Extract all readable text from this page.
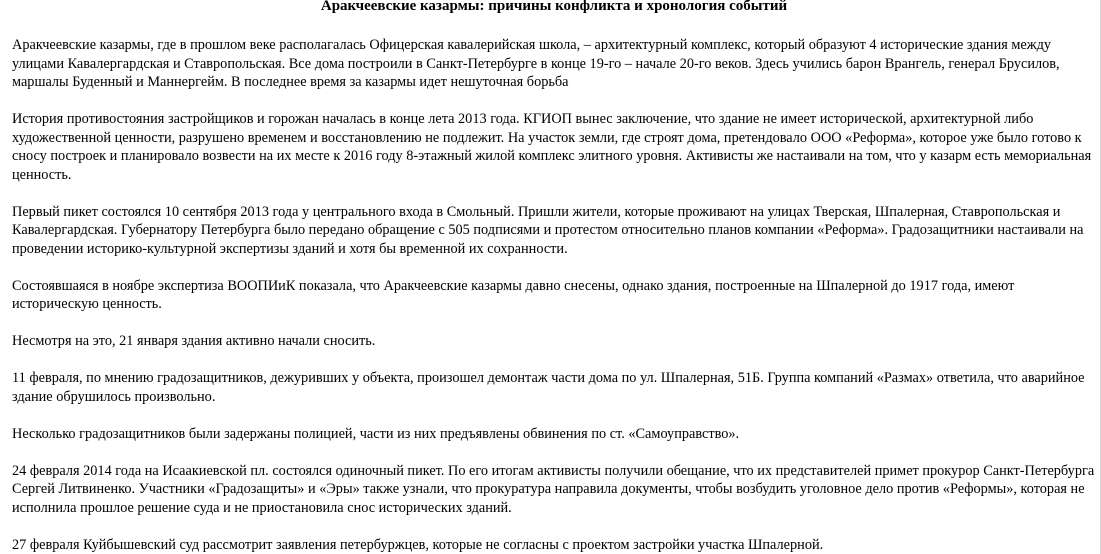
Аракчеевские казармы: причины конфликта и хронология событий

Аракчеевские казармы, где в прошлом веке располагалась Офицерская кавалерийская школа, – архитектурный комплекс, который образуют 4 исторические здания между улицами Кавалергардская и Ставропольская. Все дома построили в Санкт-Петербурге в конце 19-го – начале 20-го веков. Здесь учились барон Врангель, генерал Брусилов, маршалы Буденный и Маннергейм. В последнее время за казармы идет нешуточная борьба

История противостояния застройщиков и горожан началась в конце лета 2013 года. КГИОП вынес заключение, что здание не имеет исторической, архитектурной либо художественной ценности, разрушено временем и восстановлению не подлежит. На участок земли, где строят дома, претендовало ООО «Реформа», которое уже было готово к сносу построек и планировало возвести на их месте к 2016 году 8-этажный жилой комплекс элитного уровня. Активисты же настаивали на том, что у казарм есть мемориальная ценность.

Первый пикет состоялся 10 сентября 2013 года у центрального входа в Смольный. Пришли жители, которые проживают на улицах Тверская, Шпалерная, Ставропольская и Кавалергардская. Губернатору Петербурга было передано обращение с 505 подписями и протестом относительно планов компании «Реформа». Градозащитники настаивали на проведении историко-культурной экспертизы зданий и хотя бы временной их сохранности.

Состоявшаяся в ноябре экспертиза ВООПИиК показала, что Аракчеевские казармы давно снесены, однако здания, построенные на Шпалерной до 1917 года, имеют историческую ценность.

Несмотря на это, 21 января здания активно начали сносить.

11 февраля, по мнению градозащитников, дежуривших у объекта, произошел демонтаж части дома по ул. Шпалерная, 51Б. Группа компаний «Размах» ответила, что аварийное здание обрушилось произвольно.

Несколько градозащитников были задержаны полицией, части из них предъявлены обвинения по ст. «Самоуправство».

24 февраля 2014 года на Исаакиевской пл. состоялся одиночный пикет. По его итогам активисты получили обещание, что их представителей примет прокурор Санкт-Петербурга Сергей Литвиненко. Участники «Градозащиты» и «Эры» также узнали, что прокуратура направила документы, чтобы возбудить уголовное дело против «Реформы», которая не исполнила прошлое решение суда и не приостановила снос исторических зданий.

27 февраля Куйбышевский суд рассмотрит заявления петербуржцев, которые не согласны с проектом застройки участка Шпалерной.
